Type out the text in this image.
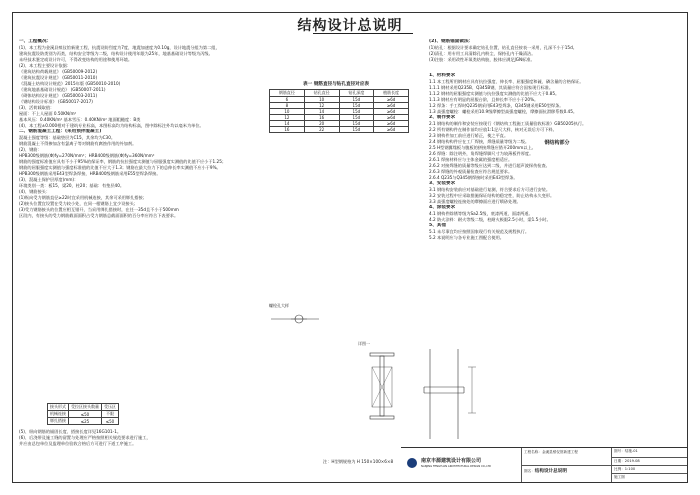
结构设计总说明
一、工程概况：
(1)、本工程为金溪县殡仪馆新建工程，抗震设防烈度为7度，地震加速度为0.10g，设计地震分组为第二组，
建筑抗震设防类别为丙类，结构安全等级为二级，结构设计使用年限为25年，地基基础设计等级为丙级。
未经技术鉴定或设计许可，不得改变结构的用途和使用环境。
(2)、本工程主要设计依据：
《建筑结构荷载规范》 (GB50009-2012)
《建筑抗震设计规范》 (GB50011-2010)
《混凝土结构设计规范》2015年版 (GB50010-2010)
《建筑地基基础设计规范》 (GB50007-2011)
《砌体结构设计规范》 (GB50003-2011)
《钢结构设计标准》 (GB50017-2017)
(3)、活荷载取值：
屋面：不上人屋面 0.50KN/m²
基本风压：0.40KN/m² 基本雪压：0.40KN/m² 地面粗糙度：B类
(4)、本工程±0.000相对于建筑专业标高，本图标高均为结构标高，图中除标注外均以毫米为单位。
二、钢筋混凝土工程：(采用预拌混凝土)
混凝土强度等级：基础垫层为C15，其余均为C30。
钢筋混凝土不得掺加含有氯离子等对钢筋有腐蚀作用的外加剂。
(2)、钢筋：
HPB300级钢筋(Φ)fy=270N/mm²；HRB400级钢筋(Φ)fy=360N/mm²
钢筋的强度标准值应具有不小于95%的保证率，钢筋的抗拉强度实测值与屈服强度实测值的比值不应小于1.25；
钢筋的屈服强度实测值与强度标准值的比值不应大于1.3；钢筋在最大拉力下的总伸长率实测值不应小于9%。
HPB300级钢筋采用E43型焊条焊接，HRB400级钢筋采用E55型焊条焊接。
(3)、混凝土保护层厚度(mm)：
环境类别一类：板15，梁20，柱20；基础：有垫层40。
(4)、钢筋接头：
(1)纵向受力钢筋直径≥22时宜采用机械连接，其余可采用绑扎搭接；
(2)接头位置宜设置在受力较小处，在同一根钢筋上宜少设接头；
(3)受力钢筋接头的位置应相互错开，当采用绑扎搭接时，在任一35d且不小于500mm
区段内，有接头的受力钢筋截面面积占受力钢筋总截面面积的百分率应符合下表要求。
接头形式	受拉区接头数量	受压区
机械连接	≤50	不限
绑扎搭接	≤25	≤50
(5)、纵向钢筋的锚固长度、搭接长度详见16G101-1。
(6)、后浇带及施工缝的留置与处理应严格按照相关规范要求进行施工，
并应由总包单位及监理单位验收合格后方可进行下道工序施工。
表一 钢筋直径与钻孔直径对应表
钢筋直径	钻孔直径	钻孔深度	植筋长度
6	10	15d	≥6d
8	12	15d	≥6d
10	14	15d	≥6d
12	16	15d	≥6d
14	20	15d	≥6d
16	22	15d	≥6d
螺栓孔大样
详图一
注：H型钢规格为 H 150×100×6×8
(2)、钢筋锚固做法：
(1)钻孔：根据设计要求确定钻孔位置，钻孔直径按表一采用，孔深不小于15d。
(2)清孔：用专用工具清除孔内粉尘，保持孔内干燥清洁。
(3)注胶：采用改性环氧类结构胶，胶体应满足JGN标准。
1、材料要求
1.1 本工程所用钢材应具有抗拉强度、伸长率、屈服强度和硫、磷含量的合格保证。
1.1.1 钢材采用Q235B、Q345B钢，其质量应符合国家现行标准。
1.1.2 钢材的屈服强度实测值与抗拉强度实测值的比值不应大于0.85。
1.1.3 钢材应有明显的屈服台阶，且伸长率不应小于20%。
1.2 焊条：手工焊时Q235钢采用E43型焊条，Q345钢采用E50型焊条。
1.3 高强度螺栓：螺栓采用10.9级摩擦型高强度螺栓，摩擦面抗滑移系数0.45。
2、制作要求
2.1 钢结构的制作和安装应按现行《钢结构工程施工质量验收标准》GB50205执行。
2.2 所有钢构件在制作前均应放1:1足尺大样，核对无误后方可下料。
2.3 钢构件加工前应进行矫正，使之平直。
2.4 钢结构构件应在工厂焊接，焊缝质量等级为二级。
2.5 H型钢翼缘板与腹板的拼接焊缝应错开200mm以上。
2.6 焊缝：除注明外，角焊缝焊脚尺寸为较薄板件厚度。
2.6.1 焊接材料应与主体金属的强度相适应。
2.6.2 对接焊缝的质量等级应达到二级，并进行超声波探伤检查。
2.6.3 焊缝的外观质量检查应符合规范要求。
2.6.4 Q235与Q345钢焊接时采用E43型焊条。
3、安装要求
3.1 钢结构安装前应对基础进行复测，符合要求后方可进行安装。
3.2 安装过程中应采取措施保证结构的稳定性，防止结构永久变形。
3.3 高强度螺栓连接处的摩擦面应进行喷砂处理。
4、涂装要求
4.1 钢构件除锈等级为Sa2.5级，底漆两道，面漆两道。
4.2 防火涂料：耐火等级二级，柱耐火极限2.5小时，梁1.5小时。
5、其他
5.1 未尽事宜均应按照国家现行有关规范及规程执行。
5.2 本说明应与各专业施工图配合使用。
钢结构部分
南京丰源建筑设计有限公司
NANJING FENGYUAN ARCHITECTURAL DESIGN CO.,LTD
工程名称：金溪县殡仪馆新建工程
图名：结构设计总说明
图号：结施-01
日期：2019.08
比例：1:100
施工图
